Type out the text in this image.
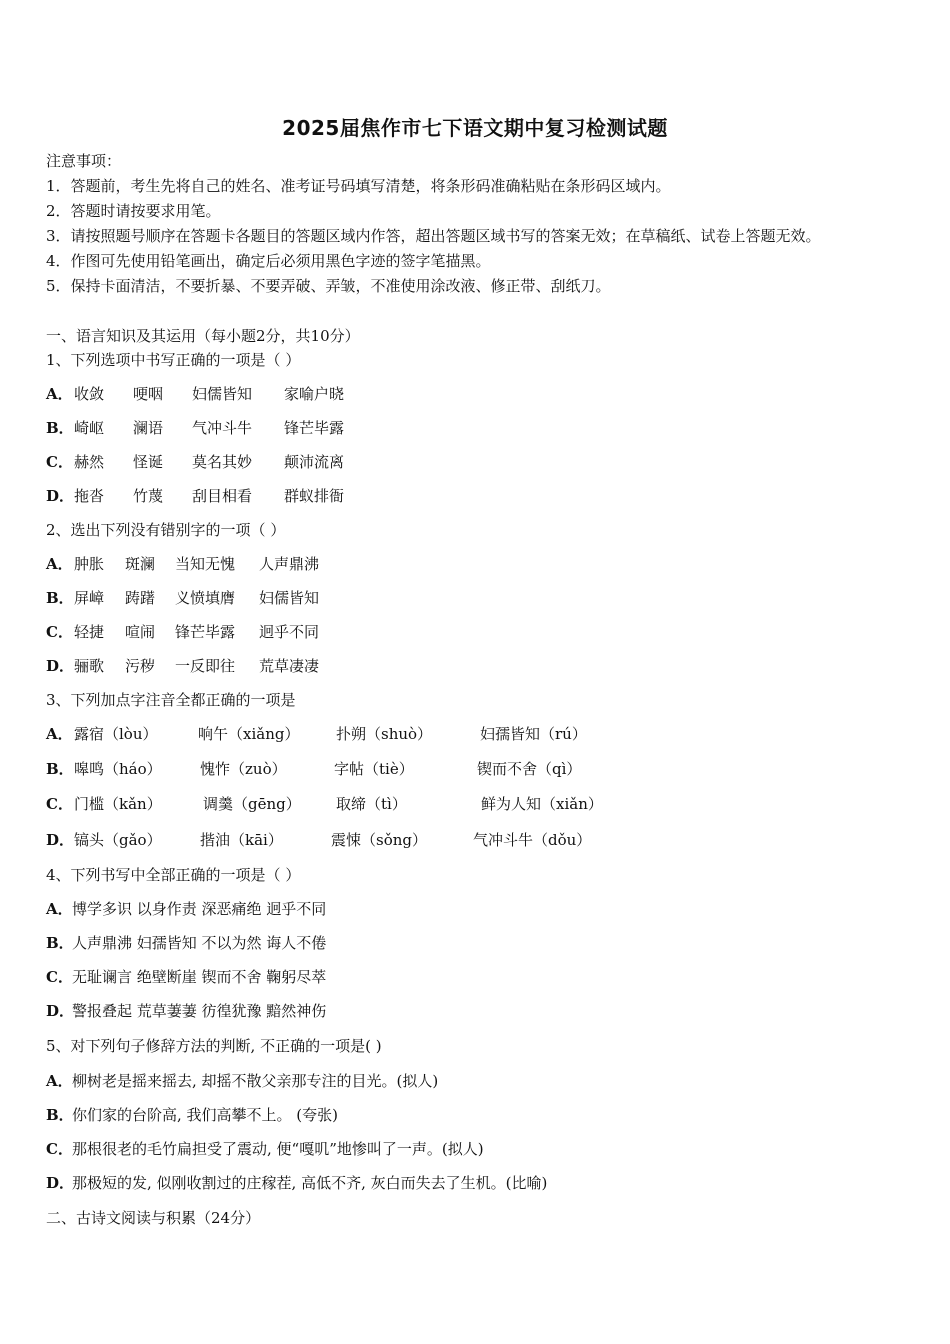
2025届焦作市七下语文期中复习检测试题
注意事项：
1．答题前，考生先将自己的姓名、准考证号码填写清楚，将条形码准确粘贴在条形码区域内。
2．答题时请按要求用笔。
3．请按照题号顺序在答题卡各题目的答题区域内作答，超出答题区域书写的答案无效；在草稿纸、试卷上答题无效。
4．作图可先使用铅笔画出，确定后必须用黑色字迹的签字笔描黑。
5．保持卡面清洁，不要折暴、不要弄破、弄皱，不准使用涂改液、修正带、刮纸刀。
一、语言知识及其运用（每小题2分，共10分）
1、下列选项中书写正确的一项是（ ）
A． 收敛 哽咽 妇儒皆知 家喻户晓
B． 崎岖 澜语 气冲斗牛 锋芒毕露
C． 赫然 怪诞 莫名其妙 颠沛流离
D． 拖沓 竹蔑 刮目相看 群蚁排衙
2、选出下列没有错别字的一项（ ）
A． 肿胀 斑澜 当知无愧 人声鼎沸
B． 屏嶂 踌躇 义愤填膺 妇儒皆知
C． 轻捷 喧闹 锋芒毕露 迥乎不同
D． 骊歌 污秽 一反即往 荒草凄凄
3、下列加点字注音全都正确的一项是
A． 露宿（lòu）	响午（xiǎng） 扑朔（shuò）	妇孺皆知（rú）
B． 嗥鸣（háo）	愧怍（zuò）	字帖（tiè）	锲而不舍（qì）
C． 门槛（kǎn）	调羹（gēng） 取缔（tì）	鲜为人知（xiǎn）
D． 镐头（gǎo）	揩油（kāi）	震悚（sǒng）	气冲斗牛（dǒu）
4、下列书写中全部正确的一项是（ ）
A．博学多识 以身作责 深恶痛绝 迥乎不同
B．人声鼎沸 妇孺皆知 不以为然 诲人不倦
C．无耻谰言 绝壁断崖 锲而不舍 鞠躬尽萃
D．警报叠起 荒草萋萋 彷徨犹豫 黯然神伤
5、对下列句子修辞方法的判断, 不正确的一项是( )
A．柳树老是摇来摇去, 却摇不散父亲那专注的目光。(拟人)
B．你们家的台阶高, 我们高攀不上。 (夸张)
C．那根很老的毛竹扁担受了震动, 便“嘎叽”地惨叫了一声。(拟人)
D．那极短的发, 似刚收割过的庄稼茬, 高低不齐, 灰白而失去了生机。(比喻)
二、古诗文阅读与积累（24分）
